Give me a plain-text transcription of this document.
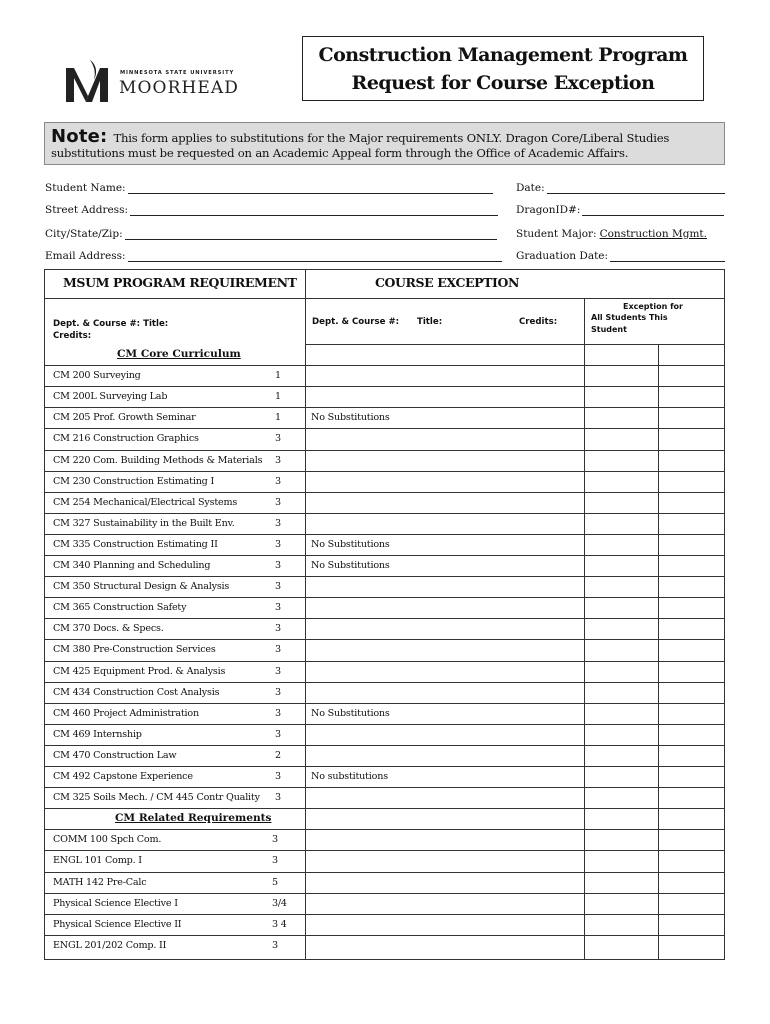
MINNESOTA STATE UNIVERSITY
MOORHEAD
Construction Management Program
Request for Course Exception
Note: This form applies to substitutions for the Major requirements ONLY. Dragon Core/Liberal Studies
substitutions must be requested on an Academic Appeal form through the Office of Academic Affairs.
Student Name:
Street Address:
City/State/Zip:
Email Address:
Date:
DragonID#:
Student Major: Construction Mgmt.
Graduation Date:
MSUM PROGRAM REQUIREMENT	COURSE EXCEPTION
Dept. & Course #: Title:
Credits:
Dept. & Course #: Title:	Credits:
Exception for
All Students This
Student
CM Core Curriculum
CM 200 Surveying	1
CM 200L Surveying Lab	1
CM 205 Prof. Growth Seminar	1	No Substitutions
CM 216 Construction Graphics	3
CM 220 Com. Building Methods & Materials 3
CM 230 Construction Estimating I	3
CM 254 Mechanical/Electrical Systems	3
CM 327 Sustainability in the Built Env.	3
CM 335 Construction Estimating II	3	No Substitutions
CM 340 Planning and Scheduling	3	No Substitutions
CM 350 Structural Design & Analysis	3
CM 365 Construction Safety	3
CM 370 Docs. & Specs.	3
CM 380 Pre-Construction Services	3
CM 425 Equipment Prod. & Analysis	3
CM 434 Construction Cost Analysis	3
CM 460 Project Administration	3	No Substitutions
CM 469 Internship	3
CM 470 Construction Law	2
CM 492 Capstone Experience	3	No substitutions
CM 325 Soils Mech. / CM 445 Contr Quality 3
CM Related Requirements
COMM 100 Spch Com.	3
ENGL 101 Comp. I	3
MATH 142 Pre-Calc	5
Physical Science Elective I	3/4
Physical Science Elective II	3 4
ENGL 201/202 Comp. II	3
